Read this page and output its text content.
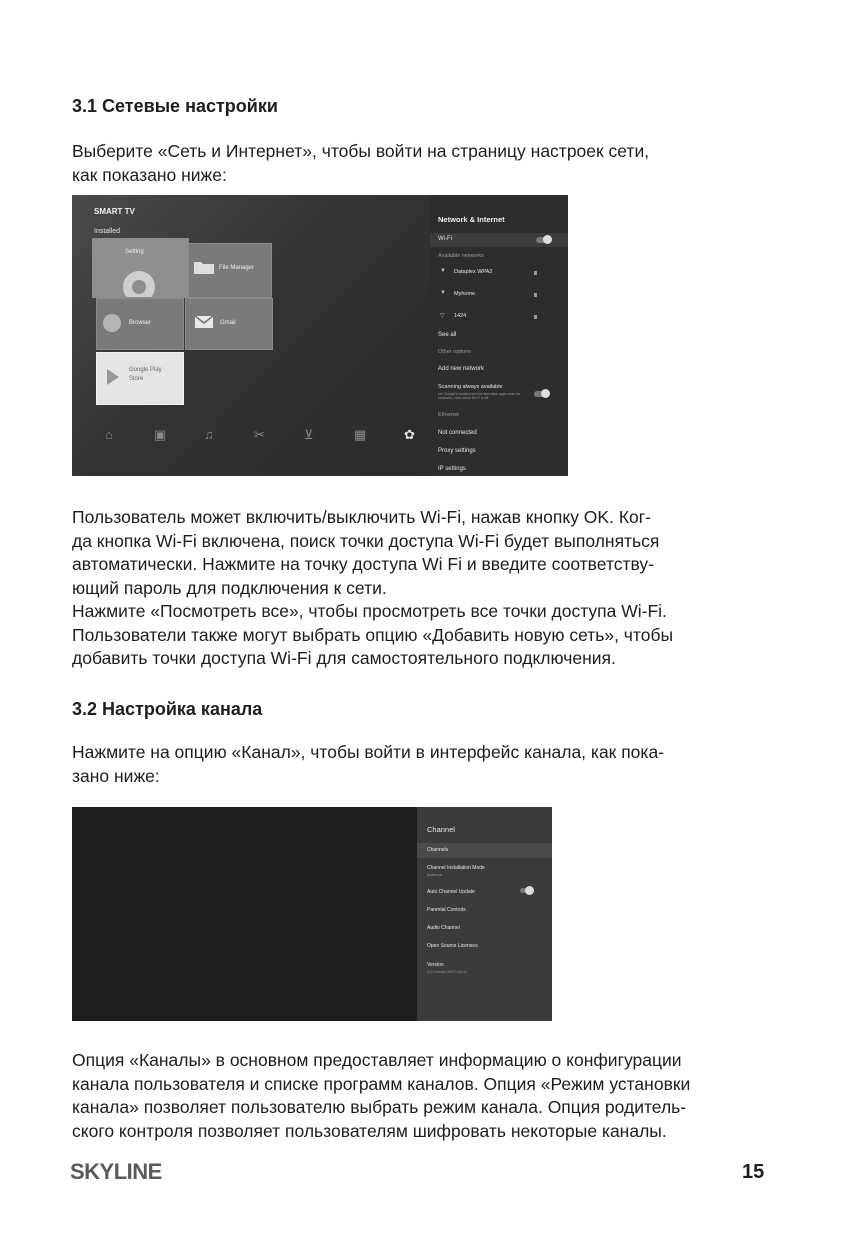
3.1 Сетевые настройки

Выберите «Сеть и Интернет», чтобы войти на страницу настроек сети,
как показано ниже:

SMART TV
Installed
Setting
File Manager
Browser	Gmail
Google Play
Store
⌂	▣	♫	✂	⊻	▦	✿
Network & Internet
Wi-Fi
Available networks
▼ Dataplex WPA2
▼ Myhome
▽ 1424
See all
Other options
Add new network
Scanning always available
Let Google's location service and other apps scan for networks, even when Wi-Fi is off
Ethernet
Not connected
Proxy settings
IP settings

Пользователь может включить/выключить Wi-Fi, нажав кнопку OK. Ког-
да кнопка Wi-Fi включена, поиск точки доступа Wi-Fi будет выполняться
автоматически. Нажмите на точку доступа Wi Fi и введите соответству-
ющий пароль для подключения к сети.
Нажмите «Посмотреть все», чтобы просмотреть все точки доступа Wi-Fi.
Пользователи также могут выбрать опцию «Добавить новую сеть», чтобы
добавить точки доступа Wi-Fi для самостоятельного подключения.

3.2 Настройка канала

Нажмите на опцию «Канал», чтобы войти в интерфейс канала, как пока-
зано ниже:

Channel
Channels
Channel Installation Mode
Antenna
Auto Channel Update
Parental Controls
Audio Channel
Open Source Licenses
Version
1.0.3-build-2017-04-11

Опция «Каналы» в основном предоставляет информацию о конфигурации
канала пользователя и списке программ каналов. Опция «Режим установки
канала» позволяет пользователю выбрать режим канала. Опция родитель-
ского контроля позволяет пользователям шифровать некоторые каналы.

SKYLINE	15
